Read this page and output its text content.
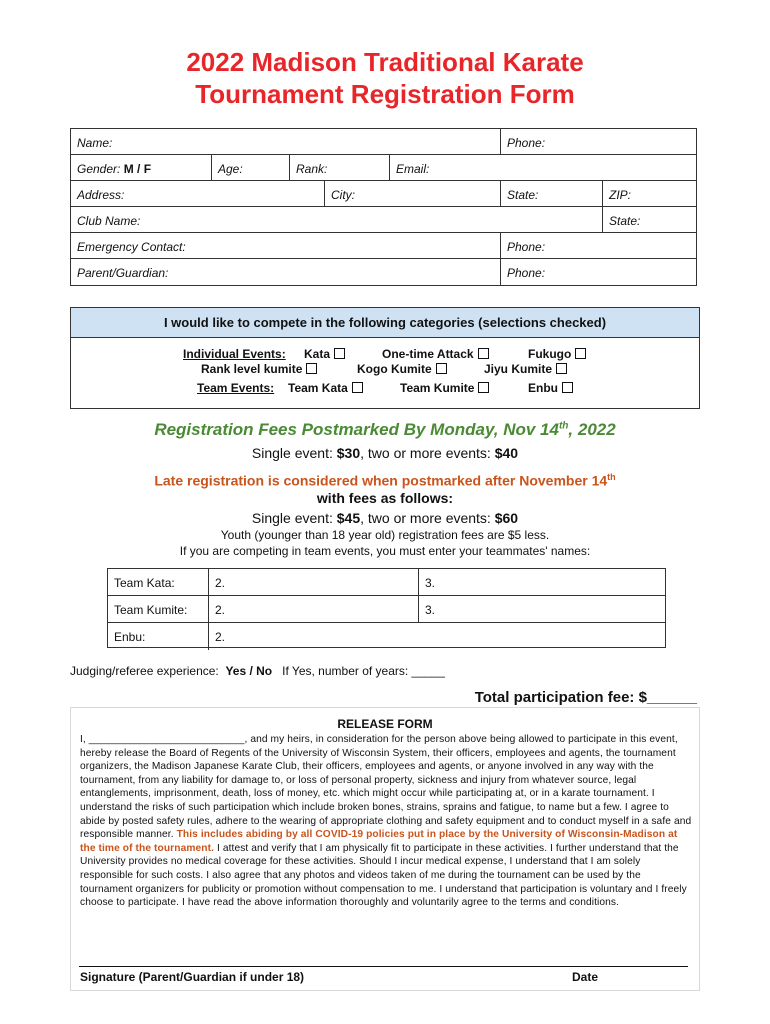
2022 Madison Traditional Karate
Tournament Registration Form
Name:	Phone:
Gender: M / F	Age:	Rank:	Email:
Address:	City:	State:	ZIP:
Club Name:	State:
Emergency Contact:	Phone:
Parent/Guardian:	Phone:
I would like to compete in the following categories (selections checked)
Individual Events: Kata	One-time Attack	Fukugo
Rank level kumite	Kogo Kumite	Jiyu Kumite
Team Events: Team Kata	Team Kumite	Enbu
Registration Fees Postmarked By Monday, Nov 14th, 2022
Single event: $30, two or more events: $40
Late registration is considered when postmarked after November 14th
with fees as follows:
Single event: $45, two or more events: $60
Youth (younger than 18 year old) registration fees are $5 less.
If you are competing in team events, you must enter your teammates' names:
Team Kata:	2.	3.
Team Kumite:	2.	3.
Enbu:	2.
Judging/referee experience: Yes / No If Yes, number of years: _____
Total participation fee: $______
RELEASE FORM
I, ___________________________, and my heirs, in consideration for the person above being allowed to participate in this event, hereby release the Board of Regents of the University of Wisconsin System, their officers, employees and agents, the tournament organizers, the Madison Japanese Karate Club, their officers, employees and agents, or anyone involved in any way with the tournament, from any liability for damage to, or loss of personal property, sickness and injury from whatever source, legal entanglements, imprisonment, death, loss of money, etc. which might occur while participating at, or in a karate tournament. I understand the risks of such participation which include broken bones, strains, sprains and fatigue, to name but a few. I agree to abide by posted safety rules, adhere to the wearing of appropriate clothing and safety equipment and to conduct myself in a safe and responsible manner. This includes abiding by all COVID-19 policies put in place by the University of Wisconsin-Madison at the time of the tournament. I attest and verify that I am physically fit to participate in these activities. I further understand that the University provides no medical coverage for these activities. Should I incur medical expense, I understand that I am solely responsible for such costs. I also agree that any photos and videos taken of me during the tournament can be used by the tournament organizers for publicity or promotion without compensation to me. I understand that participation is voluntary and I freely choose to participate. I have read the above information thoroughly and voluntarily agree to the terms and conditions.
Signature (Parent/Guardian if under 18)	Date
